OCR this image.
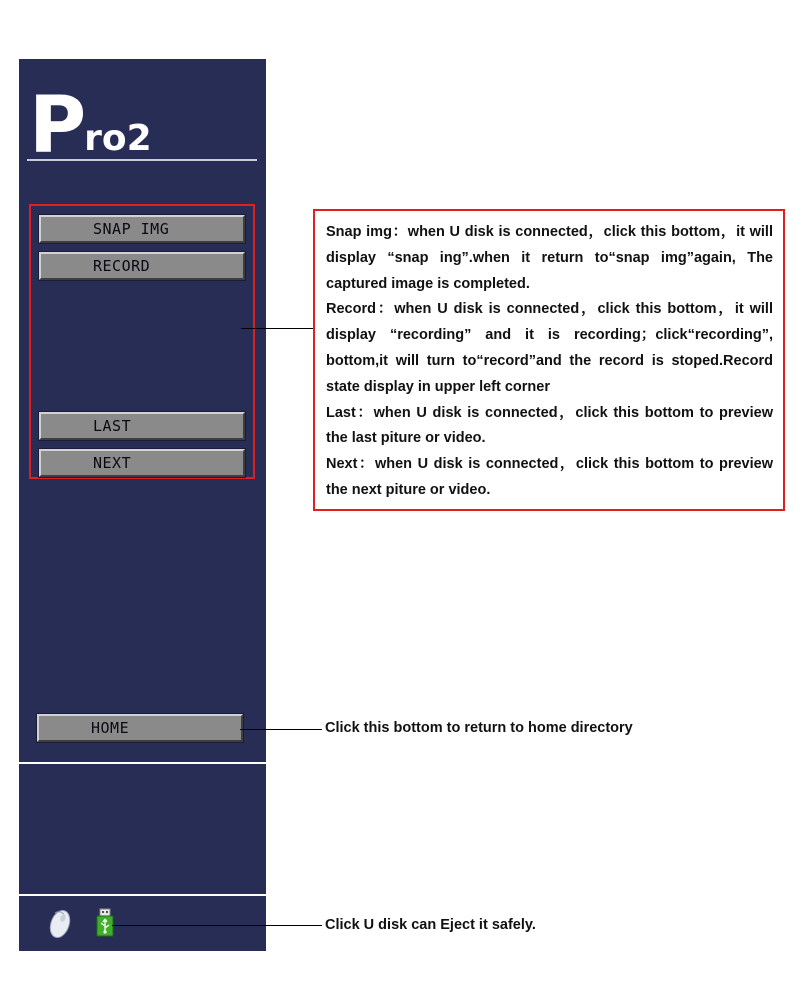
Pro2
SNAP IMG
RECORD
LAST
NEXT
HOME

Snap img：when U disk is connected，click this bottom，it will display “snap ing”.when it return to“snap img”again, The captured image is completed.

Record：when U disk is connected，click this bottom，it will display “recording” and it is recording；click“recording”, bottom,it will turn to“record”and the record is stoped.Record state display in upper left corner

Last：when U disk is connected，click this bottom to preview the last piture or video.

Next：when U disk is connected，click this bottom to preview the next piture or video.

Click this bottom to return to home directory
Click U disk can Eject it safely.
